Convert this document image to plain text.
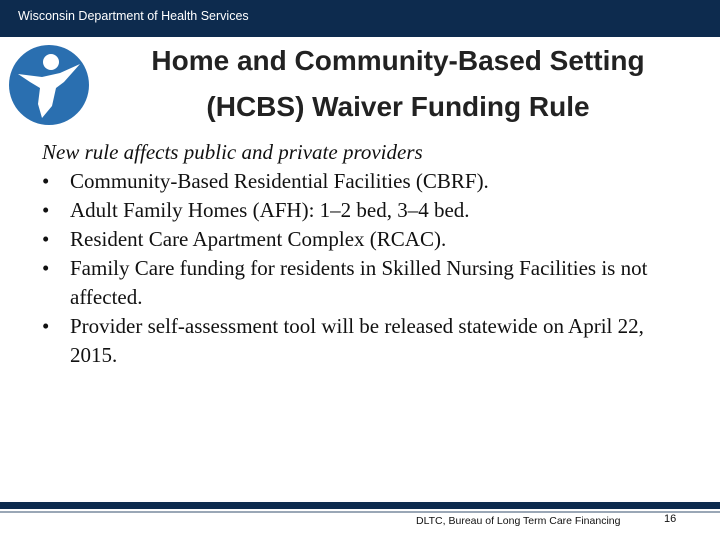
Wisconsin Department of Health Services
Home and Community-Based Setting
(HCBS) Waiver Funding Rule
New rule affects public and private providers
• Community-Based Residential Facilities (CBRF).
• Adult Family Homes (AFH): 1–2 bed, 3–4 bed.
• Resident Care Apartment Complex (RCAC).
• Family Care funding for residents in Skilled Nursing Facilities is not affected.
• Provider self-assessment tool will be released statewide on April 22, 2015.
DLTC, Bureau of Long Term Care Financing	16
